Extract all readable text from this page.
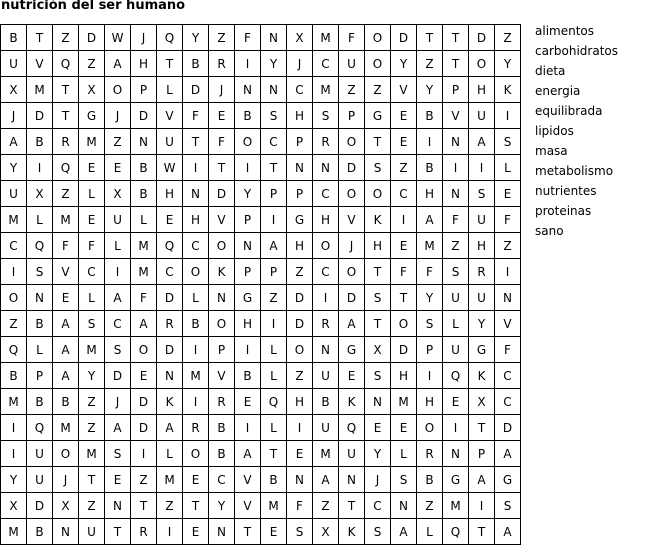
nutrición del ser humano
B	T	Z	D	W	J	Q	Y	Z	F	N	X	M	F	O	D	T	T	D	Z
U	V	Q	Z	A	H	T	B	R	I	Y	J	C	U	O	Y	Z	T	O	Y
X	M	T	X	O	P	L	D	J	N	N	C	M	Z	Z	V	Y	P	H	K
J	D	T	G	J	D	V	F	E	B	S	H	S	P	G	E	B	V	U	I
A	B	R	M	Z	N	U	T	F	O	C	P	R	O	T	E	I	N	A	S
Y	I	Q	E	E	B	W	I	T	I	T	N	N	D	S	Z	B	I	I	L
U	X	Z	L	X	B	H	N	D	Y	P	P	C	O	O	C	H	N	S	E
M	L	M	E	U	L	E	H	V	P	I	G	H	V	K	I	A	F	U	F
C	Q	F	F	L	M	Q	C	O	N	A	H	O	J	H	E	M	Z	H	Z
I	S	V	C	I	M	C	O	K	P	P	Z	C	O	T	F	F	S	R	I
O	N	E	L	A	F	D	L	N	G	Z	D	I	D	S	T	Y	U	U	N
Z	B	A	S	C	A	R	B	O	H	I	D	R	A	T	O	S	L	Y	V
Q	L	A	M	S	O	D	I	P	I	L	O	N	G	X	D	P	U	G	F
B	P	A	Y	D	E	N	M	V	B	L	Z	U	E	S	H	I	Q	K	C
M	B	B	Z	J	D	K	I	R	E	Q	H	B	K	N	M	H	E	X	C
I	Q	M	Z	A	D	A	R	B	I	L	I	U	Q	E	E	O	I	T	D
I	U	O	M	S	I	L	O	B	A	T	E	M	U	Y	L	R	N	P	A
Y	U	J	T	E	Z	M	E	C	V	B	N	A	N	J	S	B	G	A	G
X	D	X	Z	N	T	Z	T	Y	V	M	F	Z	T	C	N	Z	M	I	S
M	B	N	U	T	R	I	E	N	T	E	S	X	K	S	A	L	Q	T	A
alimentos
carbohidratos
dieta
energia
equilibrada
lipidos
masa
metabolismo
nutrientes
proteinas
sano
